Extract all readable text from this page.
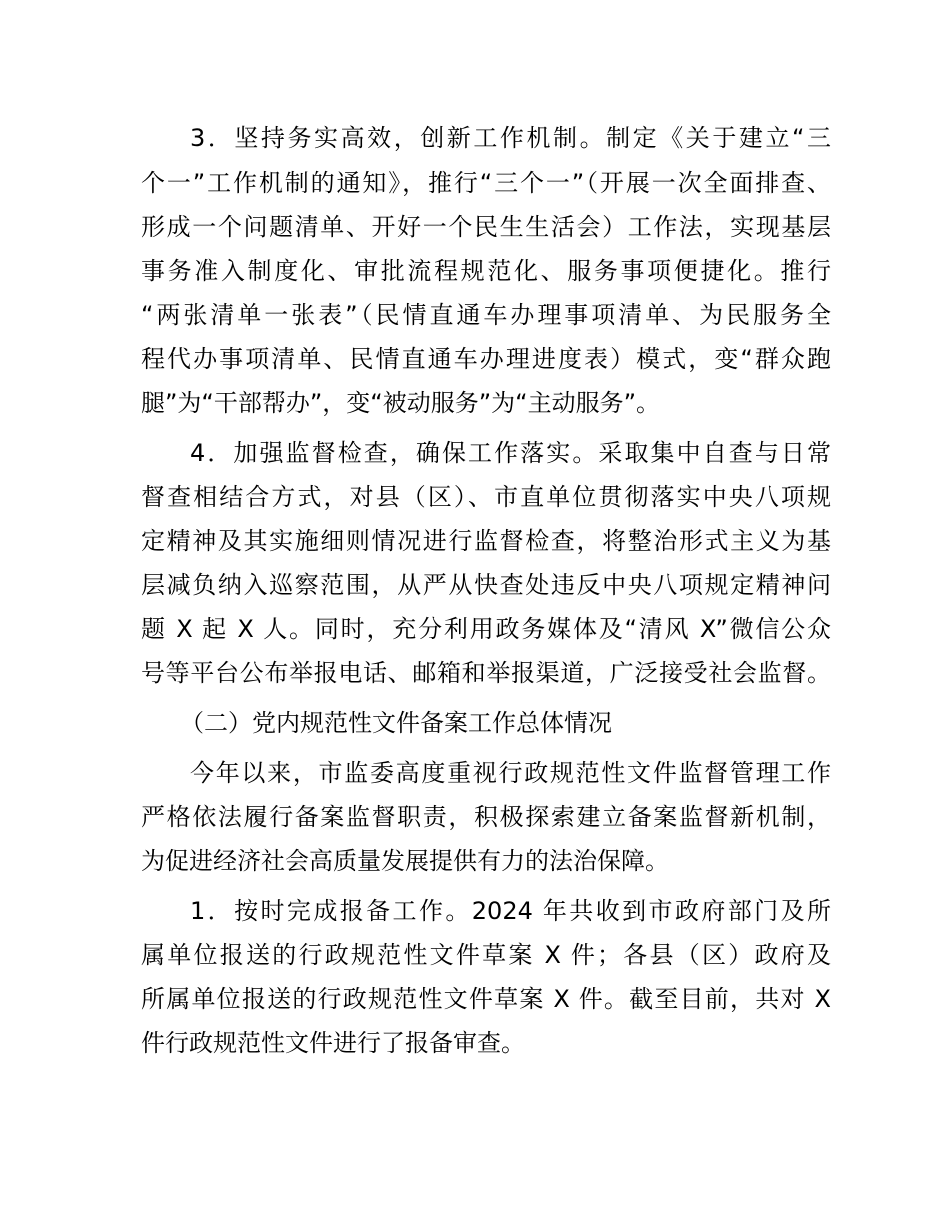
3．坚持务实高效，创新工作机制。制定《关于建立“三

个一”工作机制的通知》，推行“三个一”（开展一次全面排查、

形成一个问题清单、开好一个民生生活会）工作法，实现基层

事务准入制度化、审批流程规范化、服务事项便捷化。推行

“两张清单一张表”（民情直通车办理事项清单、为民服务全

程代办事项清单、民情直通车办理进度表）模式，变“群众跑

腿”为“干部帮办”，变“被动服务”为“主动服务”。

4．加强监督检查，确保工作落实。采取集中自查与日常

督查相结合方式，对县（区）、市直单位贯彻落实中央八项规

定精神及其实施细则情况进行监督检查，将整治形式主义为基

层减负纳入巡察范围，从严从快查处违反中央八项规定精神问

题 X 起 X 人。同时，充分利用政务媒体及“清风 X”微信公众

号等平台公布举报电话、邮箱和举报渠道，广泛接受社会监督。

（二）党内规范性文件备案工作总体情况

今年以来，市监委高度重视行政规范性文件监督管理工作

严格依法履行备案监督职责，积极探索建立备案监督新机制，

为促进经济社会高质量发展提供有力的法治保障。

1．按时完成报备工作。2024 年共收到市政府部门及所

属单位报送的行政规范性文件草案 X 件；各县（区）政府及

所属单位报送的行政规范性文件草案 X 件。截至目前，共对 X

件行政规范性文件进行了报备审查。
